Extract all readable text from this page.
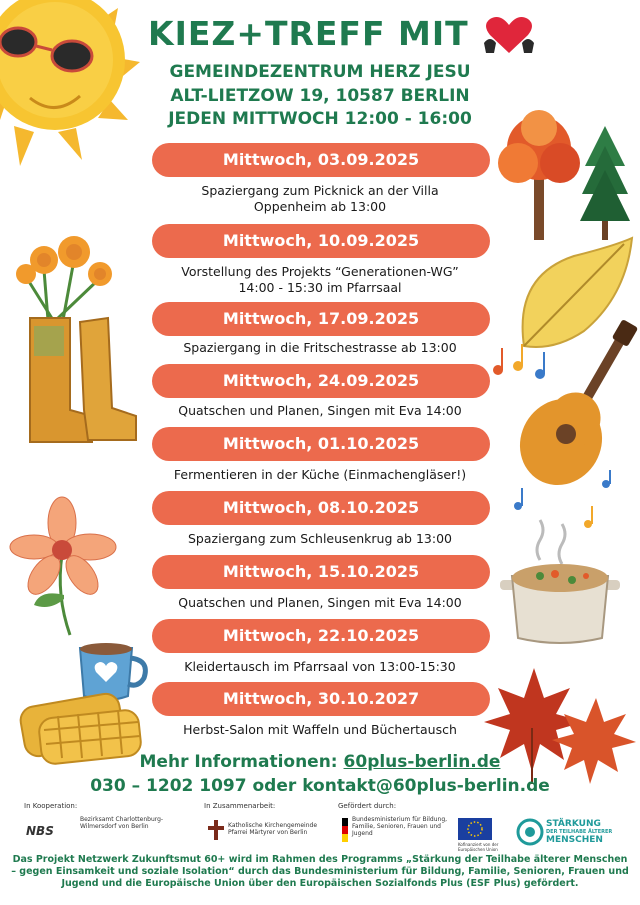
KIEZ+TREFF MIT
GEMEINDEZENTRUM HERZ JESU
ALT-LIETZOW 19, 10587 BERLIN
JEDEN MITTWOCH 12:00 - 16:00
Mittwoch, 03.09.2025
Spaziergang zum Picknick an der Villa
Oppenheim ab 13:00
Mittwoch, 10.09.2025
Vorstellung des Projekts “Generationen-WG”
14:00 - 15:30 im Pfarrsaal
Mittwoch, 17.09.2025
Spaziergang in die Fritschestrasse ab 13:00
Mittwoch, 24.09.2025
Quatschen und Planen, Singen mit Eva 14:00
Mittwoch, 01.10.2025
Fermentieren in der Küche (Einmachengläser!)
Mittwoch, 08.10.2025
Spaziergang zum Schleusenkrug ab 13:00
Mittwoch, 15.10.2025
Quatschen und Planen, Singen mit Eva 14:00
Mittwoch, 22.10.2025
Kleidertausch im Pfarrsaal von 13:00-15:30
Mittwoch, 30.10.2027
Herbst-Salon mit Waffeln und Büchertausch
Mehr Informationen: 60plus-berlin.de
030 – 1202 1097 oder kontakt@60plus-berlin.de
In Kooperation:	In Zusammenarbeit:	Gefördert durch:
NBS
Bezirksamt Charlottenburg-Wilmersdorf von Berlin	Katholische Kirchengemeinde Pfarrei Märtyrer von Berlin
Bundesministerium für Bildung, Familie, Senioren, Frauen und Jugend
Kofinanziert von der Europäischen Union
STÄRKUNG
DER TEILHABE ÄLTERER
MENSCHEN
Das Projekt Netzwerk Zukunftsmut 60+ wird im Rahmen des Programms „Stärkung der Teilhabe älterer Menschen – gegen Einsamkeit und soziale Isolation“ durch das Bundesministerium für Bildung, Familie, Senioren, Frauen und Jugend und die Europäische Union über den Europäischen Sozialfonds Plus (ESF Plus) gefördert.
